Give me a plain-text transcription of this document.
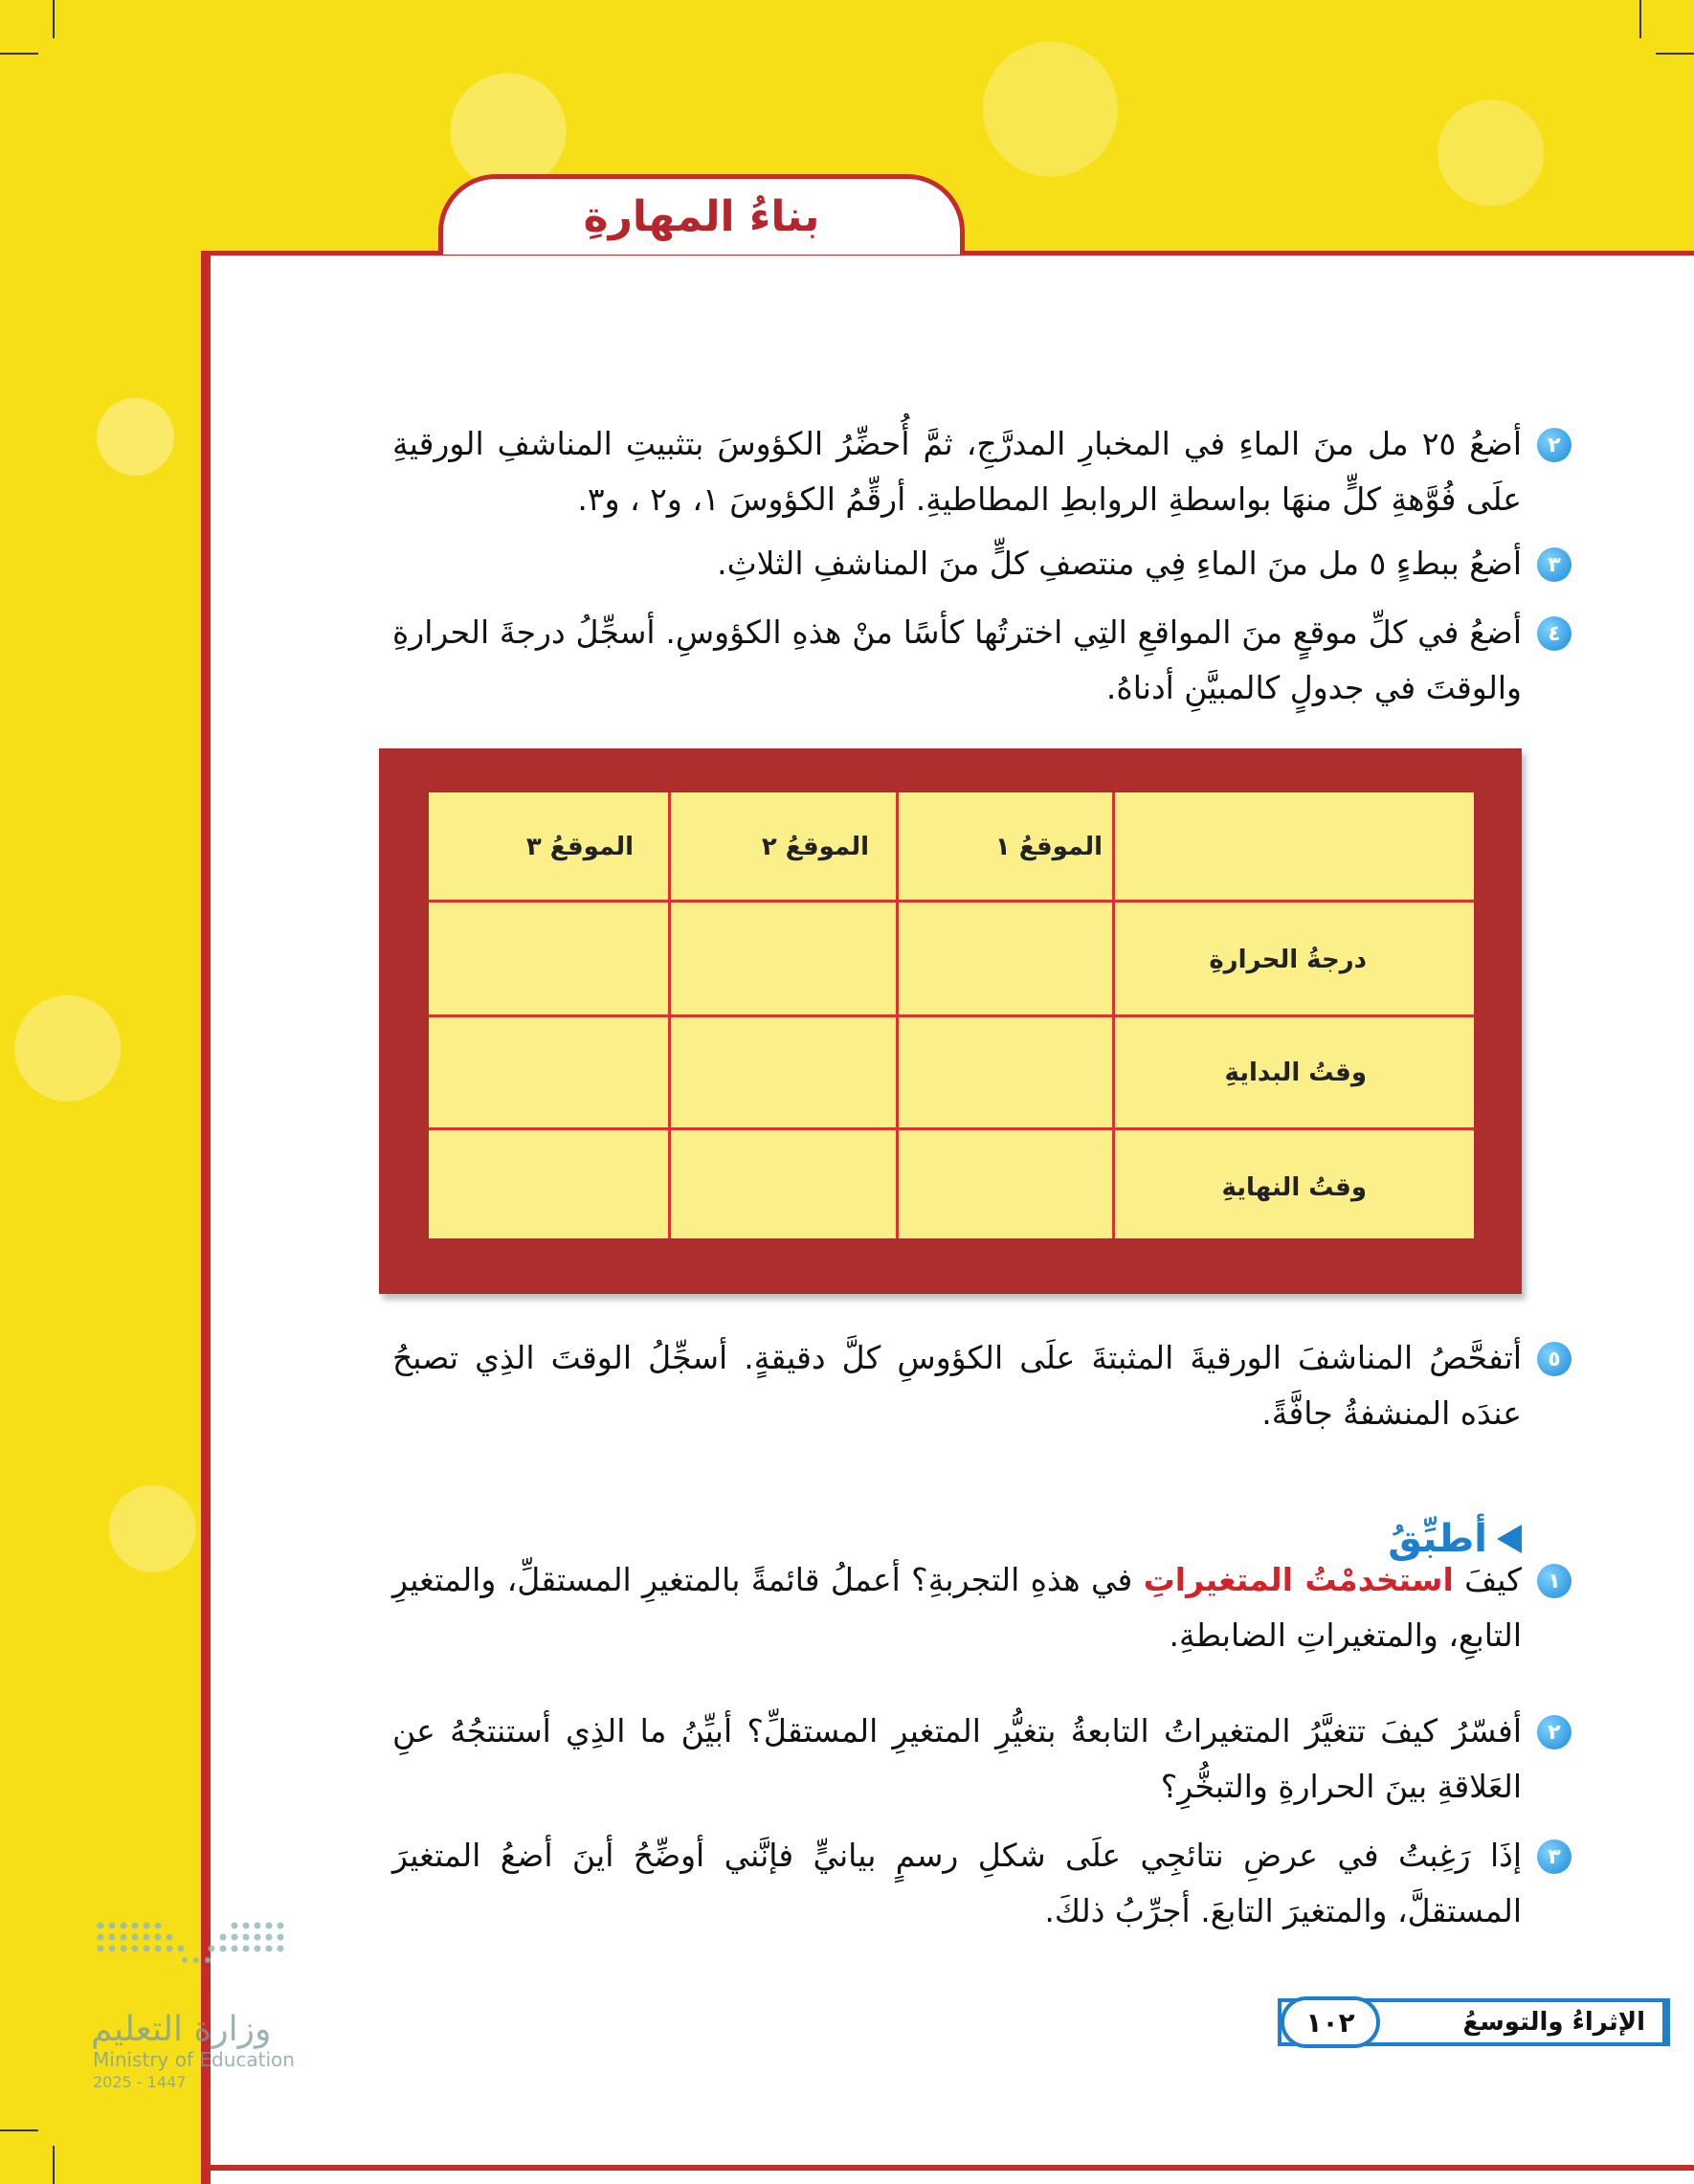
بناءُ المهارةِ
٢
أضعُ ٢٥ مل منَ الماءِ في المخبارِ المدرَّجِ، ثمَّ أُحضِّرُ الكؤوسَ بتثبيتِ المناشفِ الورقيةِ علَى فُوَّهةِ كلٍّ منهَا بواسطةِ الروابطِ المطاطيةِ. أرقِّمُ الكؤوسَ ١، و٢ ، و٣.
٣
أضعُ ببطءٍ ٥ مل منَ الماءِ فِي منتصفِ كلٍّ منَ المناشفِ الثلاثِ.
٤
أضعُ في كلِّ موقعٍ منَ المواقعِ التِي اخترتُها كأسًا منْ هذهِ الكؤوسِ. أسجِّلُ درجةَ الحرارةِ والوقتَ في جدولٍ كالمبيَّنِ أدناهُ.
الموقعُ ١
الموقعُ ٢
الموقعُ ٣
درجةُ الحرارةِ
وقتُ البدايةِ
وقتُ النهايةِ
٥
أتفحَّصُ المناشفَ الورقيةَ المثبتةَ علَى الكؤوسِ كلَّ دقيقةٍ. أسجِّلُ الوقتَ الذِي تصبحُ عندَه المنشفةُ جافَّةً.
أطبِّقُ
١
كيفَ استخدمْتُ المتغيراتِ في هذهِ التجربةِ؟ أعملُ قائمةً بالمتغيرِ المستقلِّ، والمتغيرِ التابعِ، والمتغيراتِ الضابطةِ.
٢
أفسّرُ كيفَ تتغيَّرُ المتغيراتُ التابعةُ بتغيُّرِ المتغيرِ المستقلِّ؟ أبيِّنُ ما الذِي أستنتجُهُ عنِ العَلاقةِ بينَ الحرارةِ والتبخُّرِ؟
٣
إذَا رَغِبتُ في عرضِ نتائجِي علَى شكلِ رسمٍ بيانيٍّ فإنَّني أوضِّحُ أينَ أضعُ المتغيرَ المستقلَّ، والمتغيرَ التابعَ. أجرِّبُ ذلكَ.
وزارة التعليم
Ministry of Education
2025 - 1447
الإثراءُ والتوسعُ
١٠٢
